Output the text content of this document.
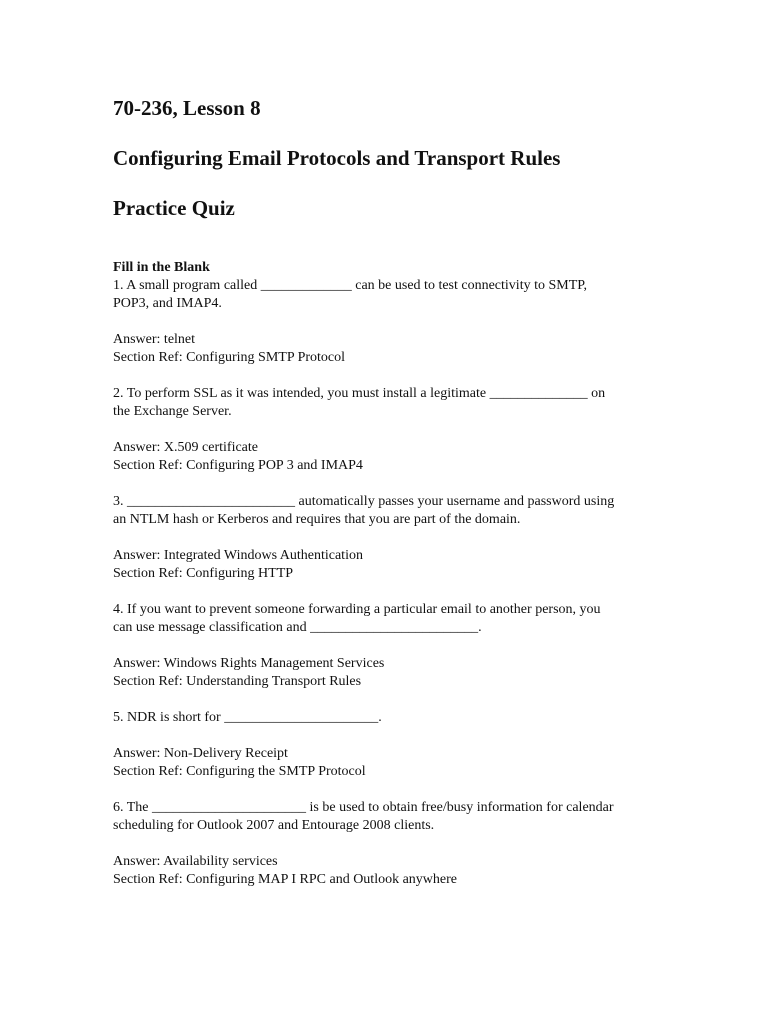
70-236, Lesson 8
Configuring Email Protocols and Transport Rules
Practice Quiz
Fill in the Blank
1. A small program called _____________ can be used to test connectivity to SMTP,
POP3, and IMAP4.
Answer: telnet
Section Ref: Configuring SMTP Protocol
2. To perform SSL as it was intended, you must install a legitimate ______________ on
the Exchange Server.
Answer: X.509 certificate
Section Ref: Configuring POP 3 and IMAP4
3. ________________________ automatically passes your username and password using
an NTLM hash or Kerberos and requires that you are part of the domain.
Answer: Integrated Windows Authentication
Section Ref: Configuring HTTP
4. If you want to prevent someone forwarding a particular email to another person, you
can use message classification and ________________________.
Answer: Windows Rights Management Services
Section Ref: Understanding Transport Rules
5. NDR is short for ______________________.
Answer: Non-Delivery Receipt
Section Ref: Configuring the SMTP Protocol
6. The ______________________ is be used to obtain free/busy information for calendar
scheduling for Outlook 2007 and Entourage 2008 clients.
Answer: Availability services
Section Ref: Configuring MAP I RPC and Outlook anywhere
